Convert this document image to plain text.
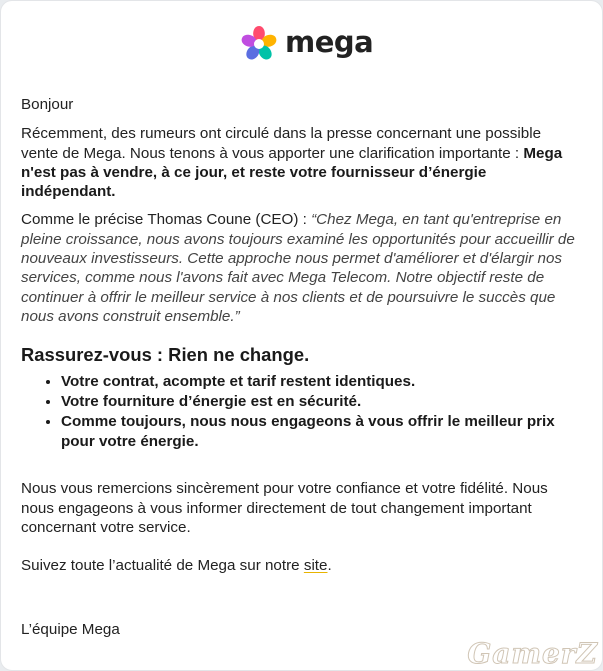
mega

Bonjour

Récemment, des rumeurs ont circulé dans la presse concernant une possible vente de Mega. Nous tenons à vous apporter une clarification importante : Mega n'est pas à vendre, à ce jour, et reste votre fournisseur d’énergie indépendant.

Comme le précise Thomas Coune (CEO) : “Chez Mega, en tant qu'entreprise en pleine croissance, nous avons toujours examiné les opportunités pour accueillir de nouveaux investisseurs. Cette approche nous permet d'améliorer et d'élargir nos services, comme nous l'avons fait avec Mega Telecom. Notre objectif reste de continuer à offrir le meilleur service à nos clients et de poursuivre le succès que nous avons construit ensemble.”

Rassurez-vous : Rien ne change.
• Votre contrat, acompte et tarif restent identiques.
• Votre fourniture d’énergie est en sécurité.
• Comme toujours, nous nous engageons à vous offrir le meilleur prix pour votre énergie.

Nous vous remercions sincèrement pour votre confiance et votre fidélité. Nous nous engageons à vous informer directement de tout changement important concernant votre service.

Suivez toute l’actualité de Mega sur notre site.

L’équipe Mega
GamerZ
